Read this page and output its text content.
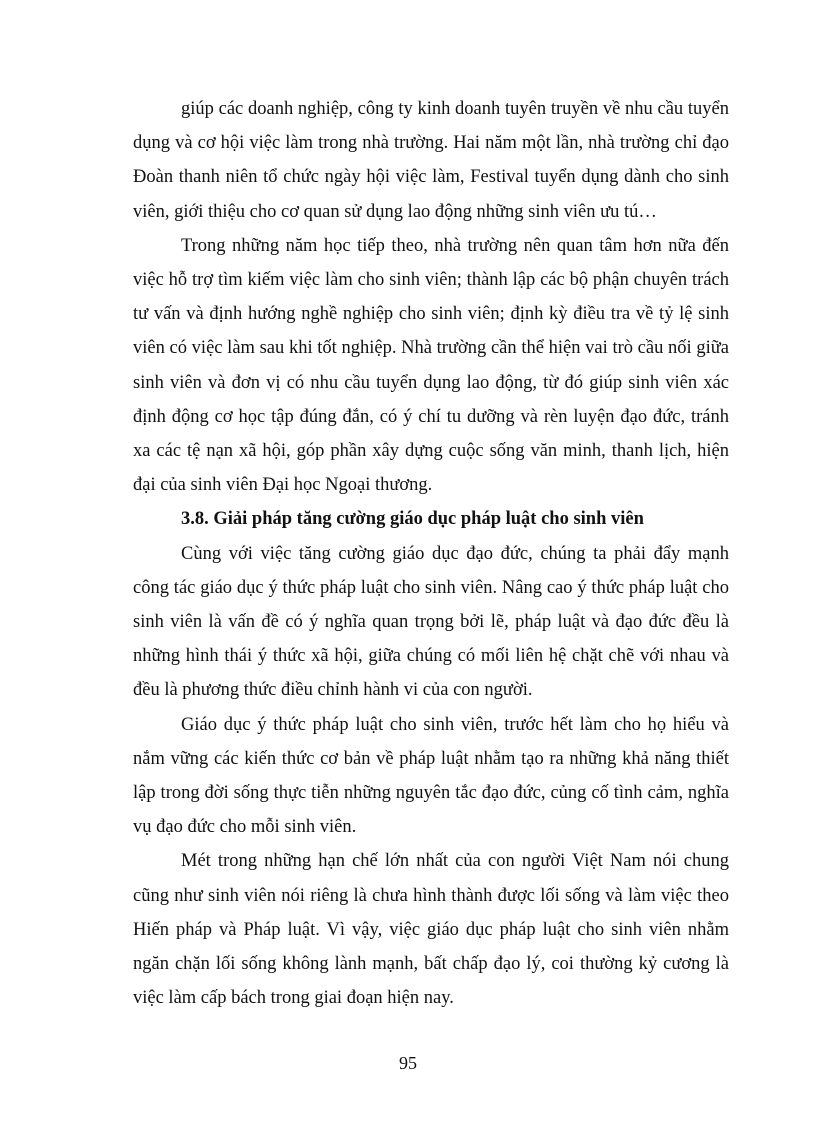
giúp các doanh nghiệp, công ty kinh doanh tuyên truyền về nhu cầu tuyển dụng và cơ hội việc làm trong nhà trường. Hai năm một lần, nhà trường chỉ đạo Đoàn thanh niên tổ chức ngày hội việc làm, Festival tuyển dụng dành cho sinh viên, giới thiệu cho cơ quan sử dụng lao động những sinh viên ưu tú…

Trong những năm học tiếp theo, nhà trường nên quan tâm hơn nữa đến việc hỗ trợ tìm kiếm việc làm cho sinh viên; thành lập các bộ phận chuyên trách tư vấn và định hướng nghề nghiệp cho sinh viên; định kỳ điều tra về tỷ lệ sinh viên có việc làm sau khi tốt nghiệp. Nhà trường cần thể hiện vai trò cầu nối giữa sinh viên và đơn vị có nhu cầu tuyển dụng lao động, từ đó giúp sinh viên xác định động cơ học tập đúng đắn, có ý chí tu dưỡng và rèn luyện đạo đức, tránh xa các tệ nạn xã hội, góp phần xây dựng cuộc sống văn minh, thanh lịch, hiện đại của sinh viên Đại học Ngoại thương.

3.8. Giải pháp tăng cường giáo dục pháp luật cho sinh viên

Cùng với việc tăng cường giáo dục đạo đức, chúng ta phải đẩy mạnh công tác giáo dục ý thức pháp luật cho sinh viên. Nâng cao ý thức pháp luật cho sinh viên là vấn đề có ý nghĩa quan trọng bởi lẽ, pháp luật và đạo đức đều là những hình thái ý thức xã hội, giữa chúng có mối liên hệ chặt chẽ với nhau và đều là phương thức điều chỉnh hành vi của con người.

Giáo dục ý thức pháp luật cho sinh viên, trước hết làm cho họ hiểu và nắm vững các kiến thức cơ bản về pháp luật nhằm tạo ra những khả năng thiết lập trong đời sống thực tiễn những nguyên tắc đạo đức, củng cố tình cảm, nghĩa vụ đạo đức cho mỗi sinh viên.

Mét trong những hạn chế lớn nhất của con người Việt Nam nói chung cũng như sinh viên nói riêng là chưa hình thành được lối sống và làm việc theo Hiến pháp và Pháp luật. Vì vậy, việc giáo dục pháp luật cho sinh viên nhằm ngăn chặn lối sống không lành mạnh, bất chấp đạo lý, coi thường kỷ cương là việc làm cấp bách trong giai đoạn hiện nay.

95
